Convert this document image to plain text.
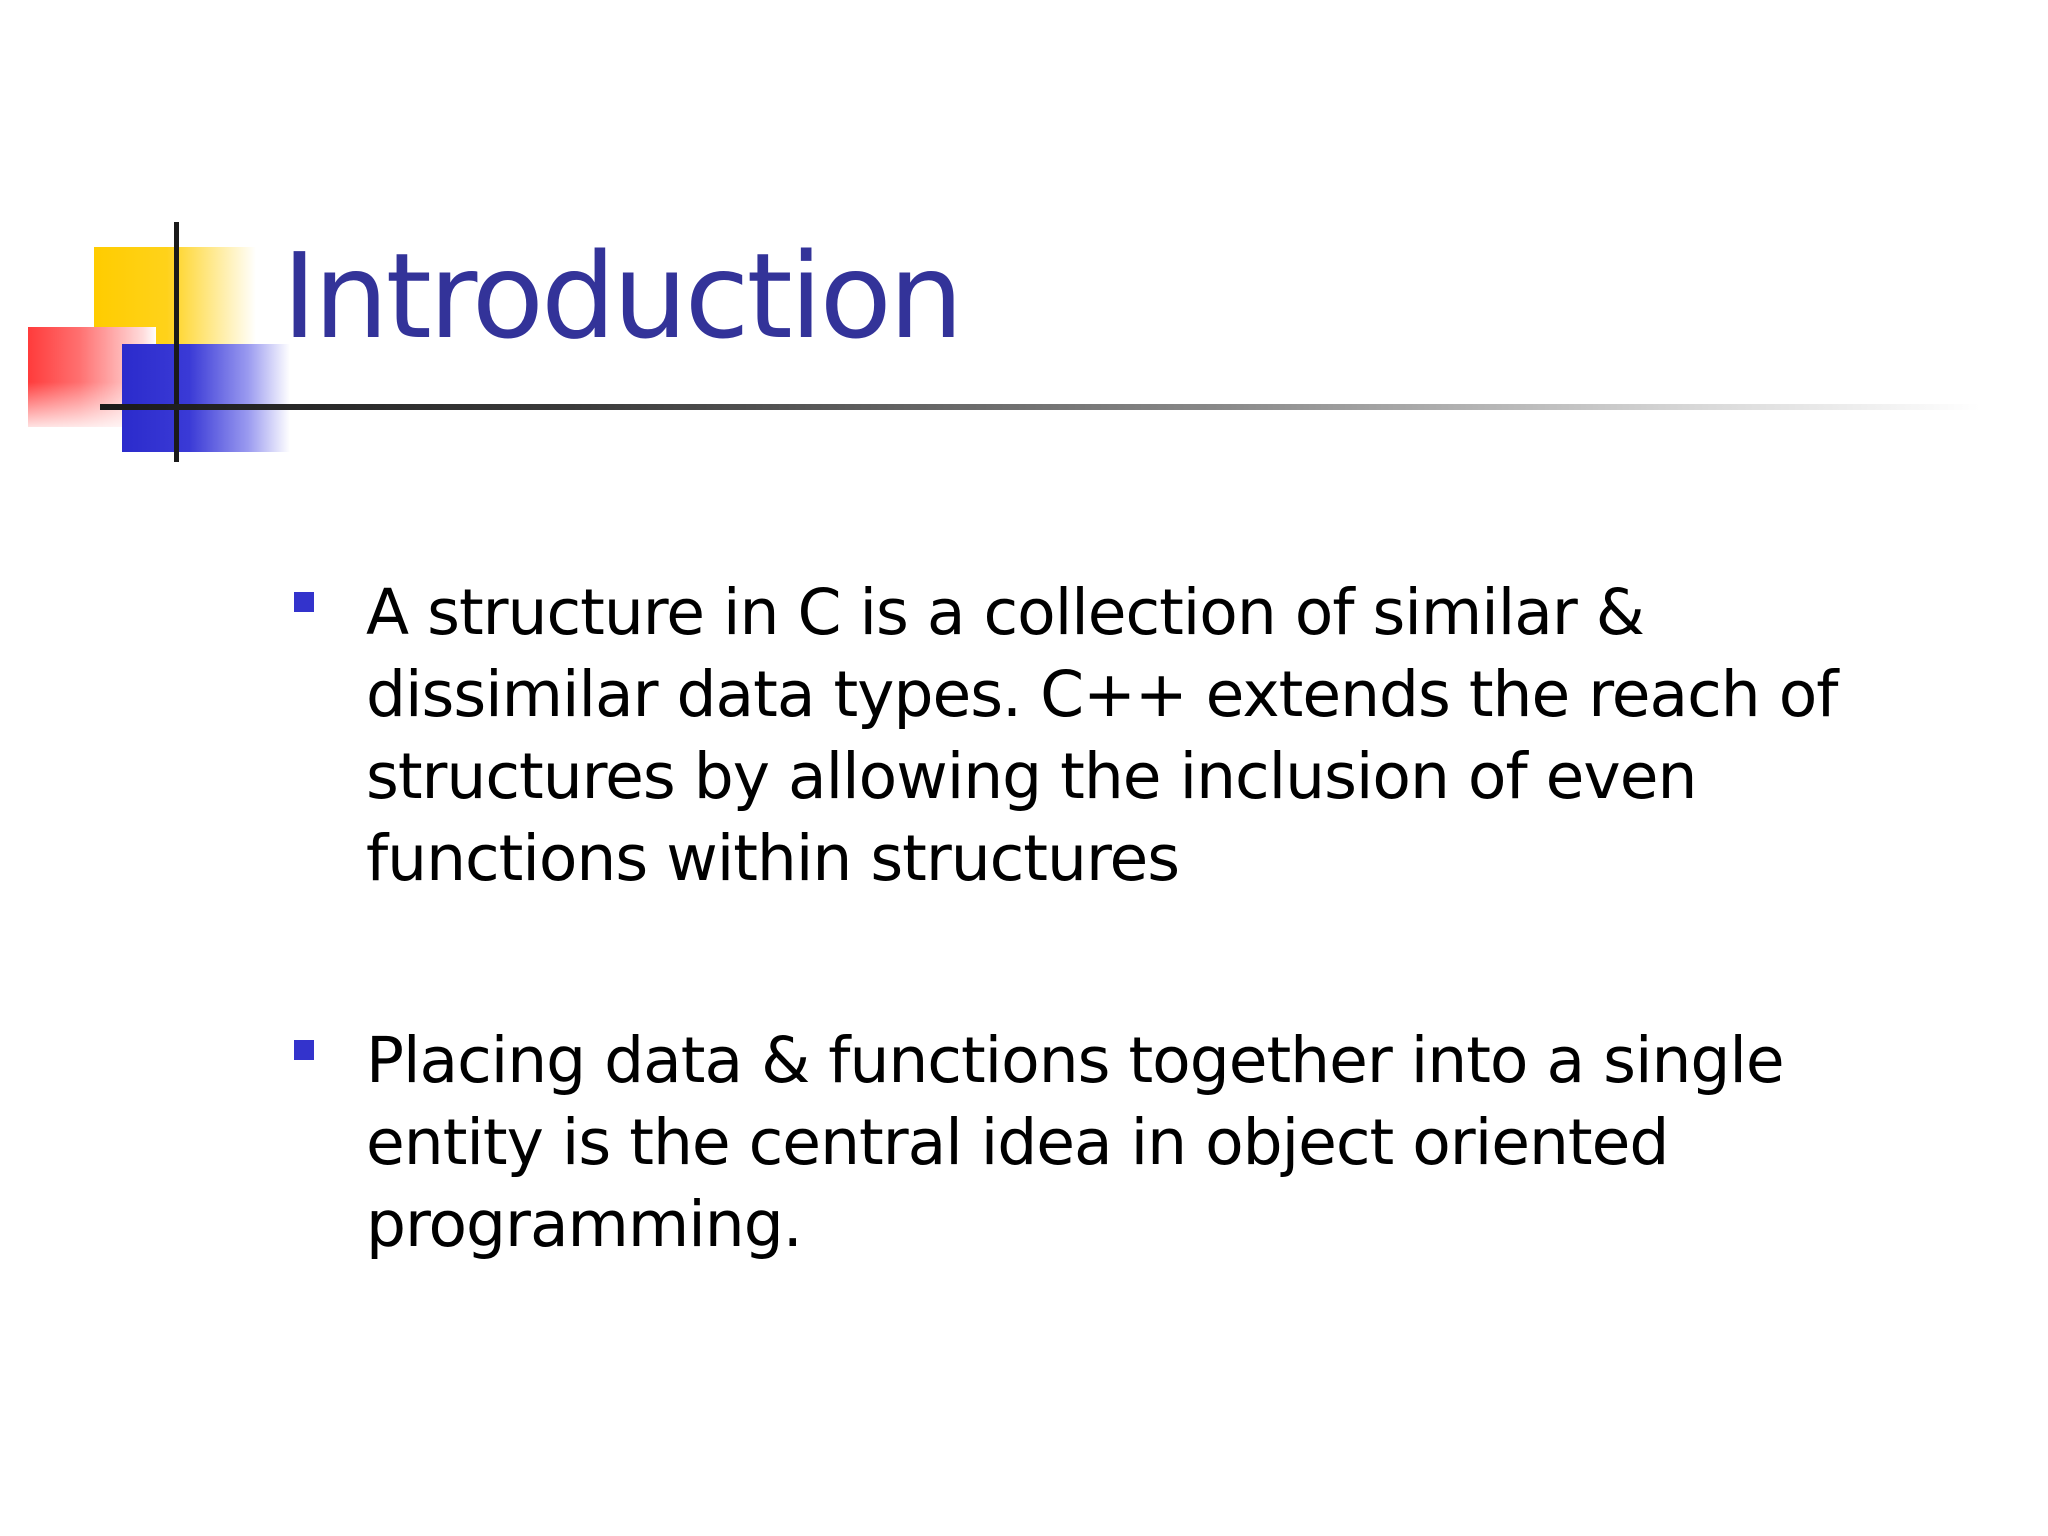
Introduction
A structure in C is a collection of similar & dissimilar data types. C++ extends the reach of structures by allowing the inclusion of even functions within structures
Placing data & functions together into a single entity is the central idea in object oriented programming.
